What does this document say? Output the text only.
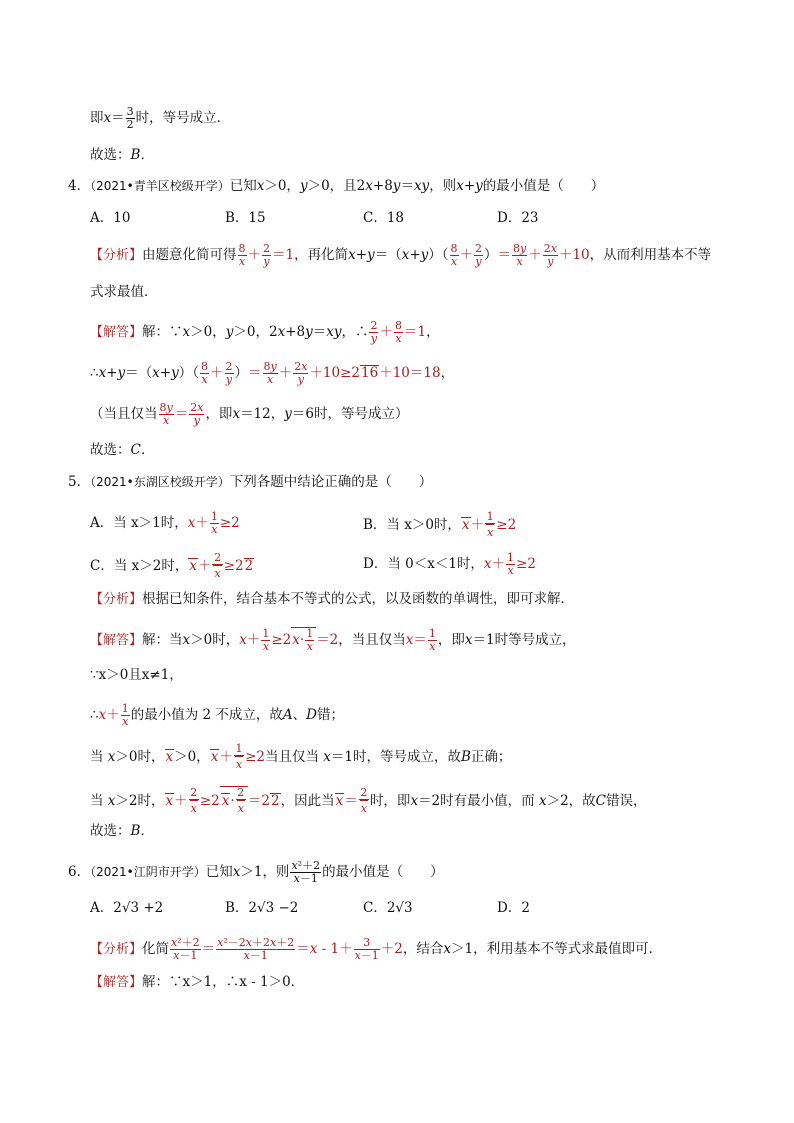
即$x= \frac{3}{2}$ 时，等号成立．
故选：B．
4．（2021•青羊区校级开学）已知x＞0，y＞0，且2x+8y＝xy，则x+y的最小值是（　　）
A．10	B．15	C．18	D．23
【分析】由题意化简可得 $\frac{8}{x} + \frac{2}{y} =1$，再化简$x+y=(x+y)( \frac{8}{x} + \frac{2}{y}$ ）＝ $\frac{8y}{x} + \frac{2x}{y} +10$，从而利用基本不等
式求最值．
【解答】解：∵x＞0，y＞0，2x+8y＝xy，∴ $\frac{2}{y} + \frac{8}{x} =1$，
∴x+y＝（x+y）（ $\frac{8}{x} + \frac{2}{y}$ ）＝ $\frac{8y}{x} + \frac{2x}{y} +10\ge 216+10=18$，
（当且仅当 $\frac{8y}{x} = \frac{2x}{y}$ ，即x＝12，y＝6时，等号成立）
故选：C．
5．（2021•东湖区校级开学）下列各题中结论正确的是（　　）
A．当 x＞1时，$x+ \frac{1}{x} \ge 2$	B．当 x＞0时，$x+ \frac{1}{x} \ge 2$
C．当 x＞2时，$x+ \frac{2}{x} \ge 22$	D．当 0＜x＜1时，$x+ \frac{1}{x} \ge 2$
【分析】根据已知条件，结合基本不等式的公式，以及函数的单调性，即可求解．
【解答】解：当x＞0时，$x+ \frac{1}{x} \ge 2x\cdot \frac{1}{x} =2$，当且仅当$x= \frac{1}{x}$ ，即x＝1时等号成立，
∵x＞0且x≠1，
∴x＋ $\frac{1}{x}$ 的最小值为 2 不成立，故A、D错；
当 x＞0时，x＞0，$x+ \frac{1}{x} \ge 2$当且仅当 x＝1时，等号成立，故B正确；
当 x＞2时，$x+ \frac{2}{x} \ge 2$ $x\cdot \frac{2}{x} =22$，因此当$x= \frac{2}{x}$ 时，即x＝2时有最小值，而 x＞2，故C错误，
故选：B．
6．（2021•江阴市开学）已知x＞1，则 $\frac{\text{x²＋2}}{x-1}$ 的最小值是（　　）
A．2√3 +2	B．2√3 −2	C．2√3	D．2
【分析】化简 $\frac{\text{x²＋2}}{x-1} = \frac{\text{x²－2x＋2x＋2}}{x-1} =x - 1+ \frac{3}{x-1} +2$，结合x＞1，利用基本不等式求最值即可．
【解答】解：∵x＞1，∴x - 1＞0．
